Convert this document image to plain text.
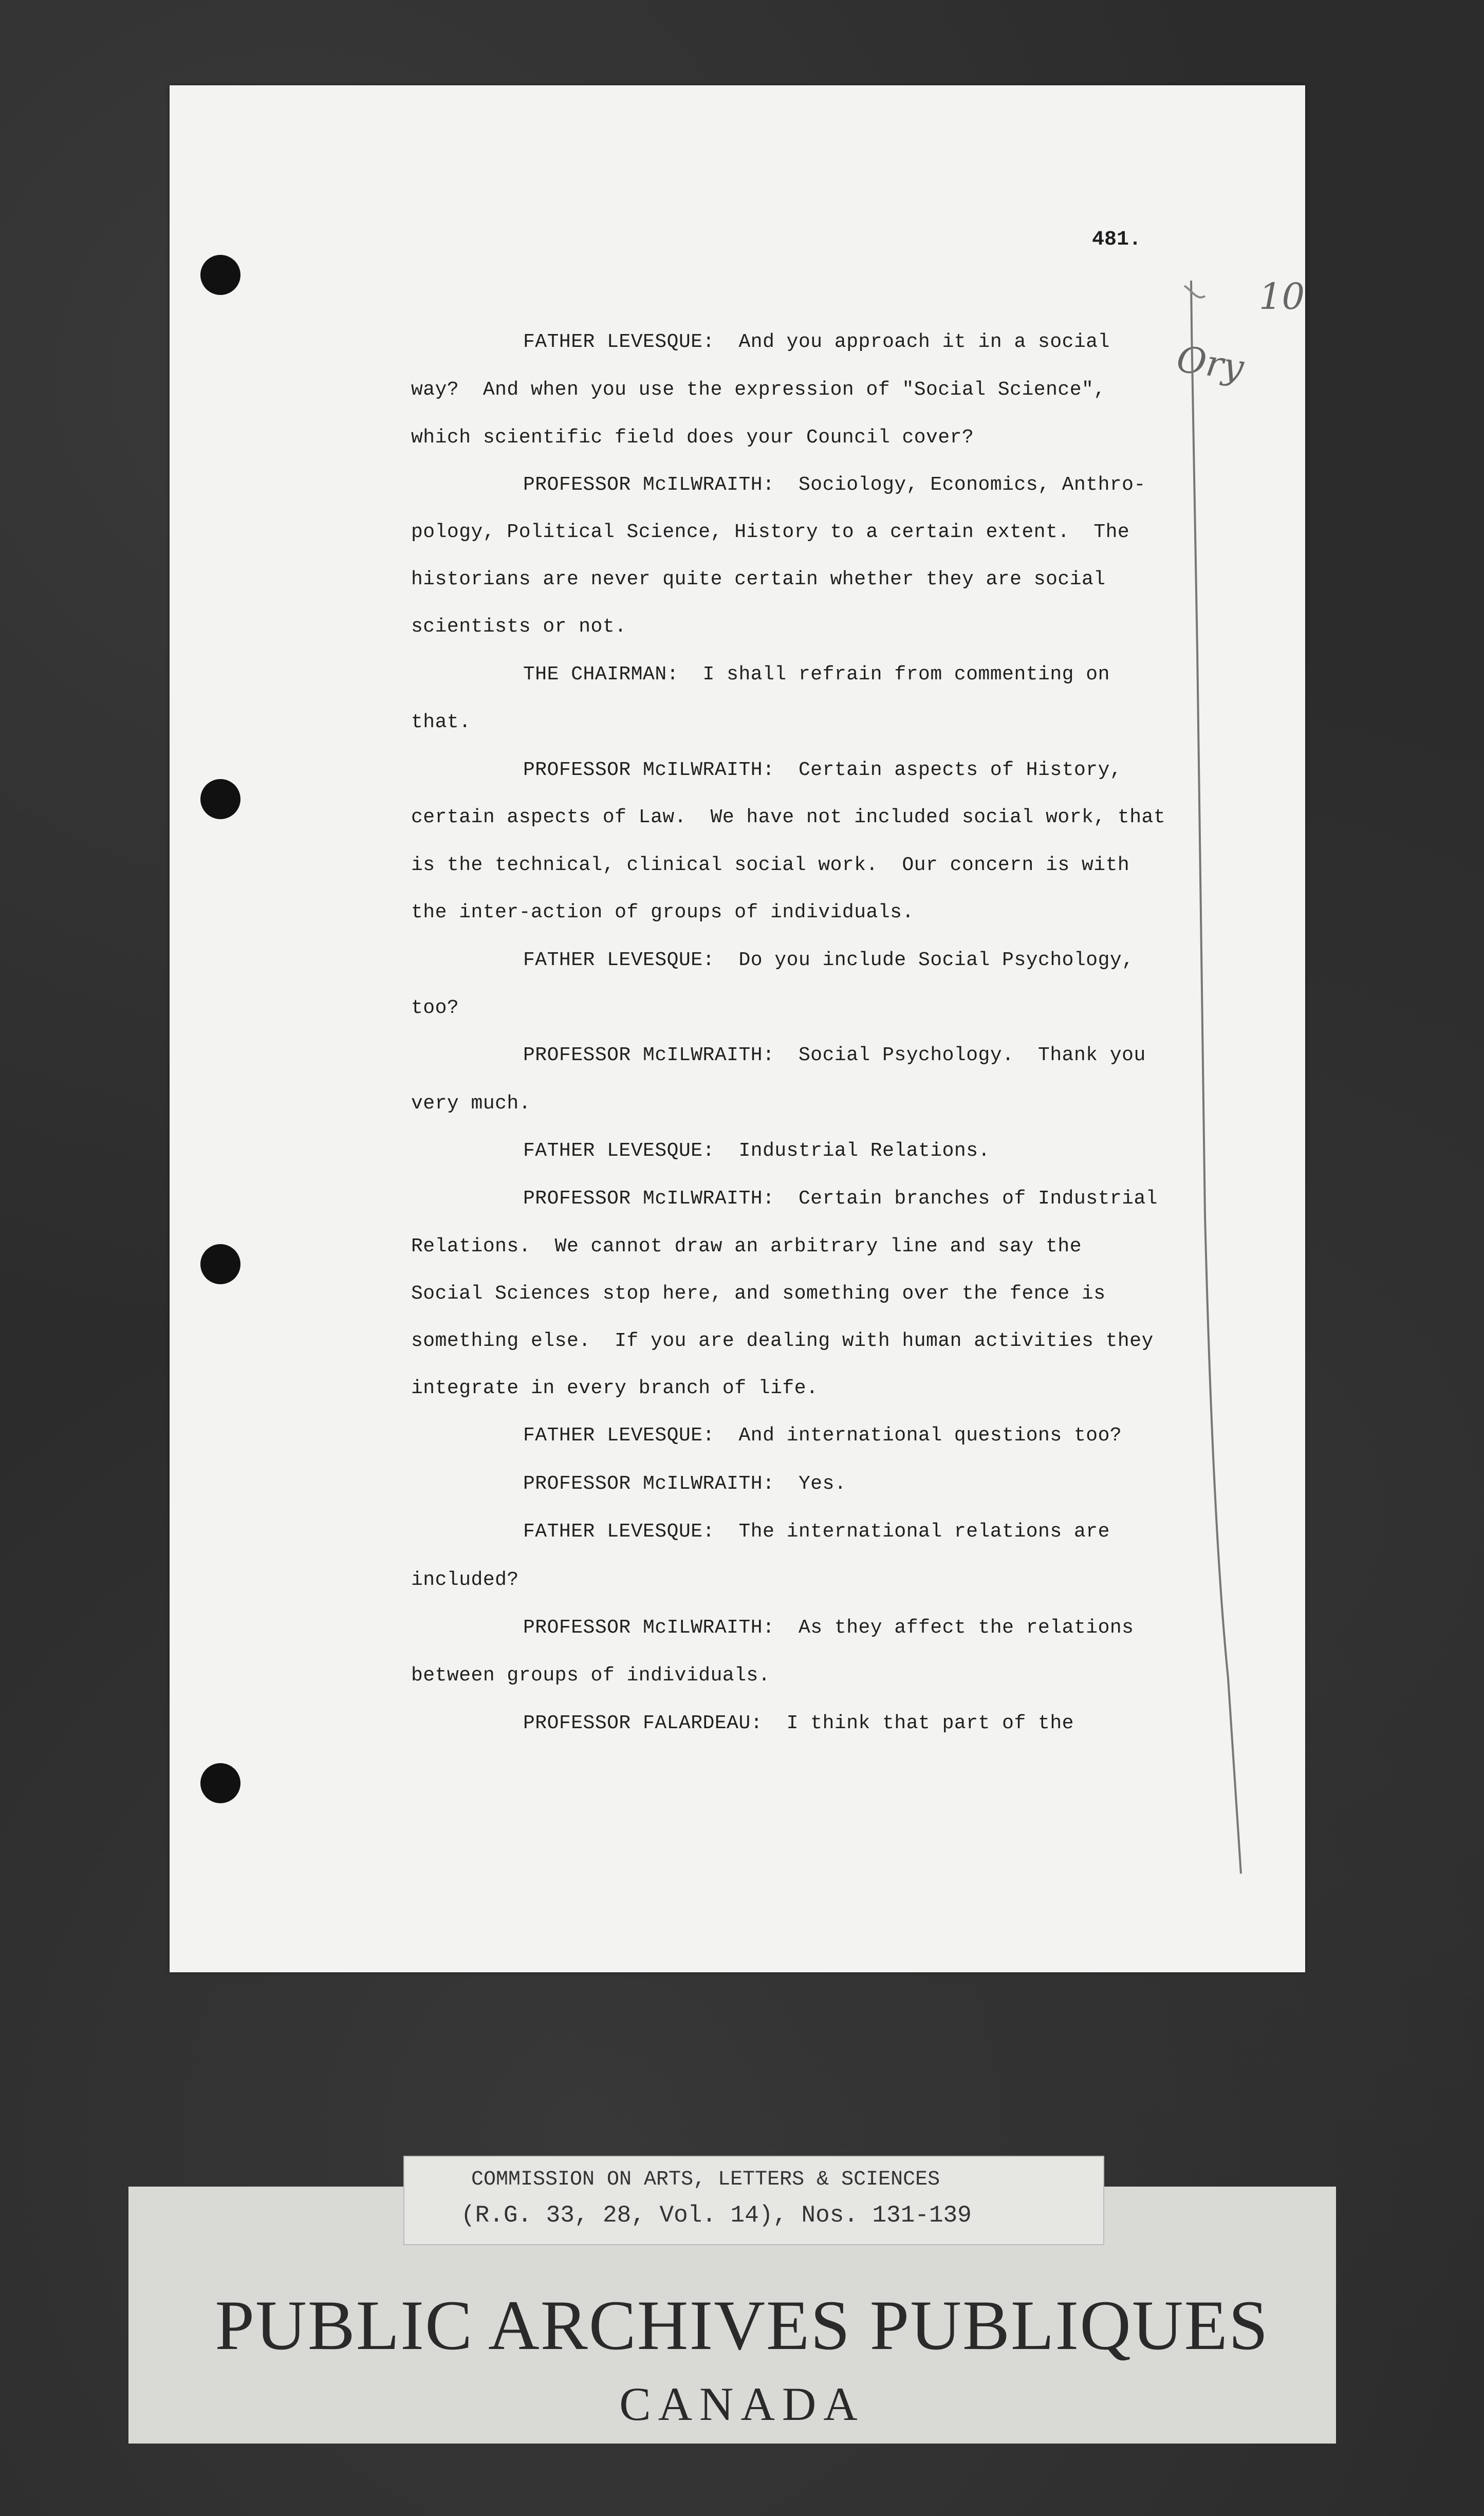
481.
10
Ory
FATHER LEVESQUE:  And you approach it in a social
way?  And when you use the expression of "Social Science",
which scientific field does your Council cover?
PROFESSOR McILWRAITH:  Sociology, Economics, Anthro-
pology, Political Science, History to a certain extent.  The
historians are never quite certain whether they are social
scientists or not.
THE CHAIRMAN:  I shall refrain from commenting on
that.
PROFESSOR McILWRAITH:  Certain aspects of History,
certain aspects of Law.  We have not included social work, that
is the technical, clinical social work.  Our concern is with
the inter-action of groups of individuals.
FATHER LEVESQUE:  Do you include Social Psychology,
too?
PROFESSOR McILWRAITH:  Social Psychology.  Thank you
very much.
FATHER LEVESQUE:  Industrial Relations.
PROFESSOR McILWRAITH:  Certain branches of Industrial
Relations.  We cannot draw an arbitrary line and say the
Social Sciences stop here, and something over the fence is
something else.  If you are dealing with human activities they
integrate in every branch of life.
FATHER LEVESQUE:  And international questions too?
PROFESSOR McILWRAITH:  Yes.
FATHER LEVESQUE:  The international relations are
included?
PROFESSOR McILWRAITH:  As they affect the relations
between groups of individuals.
PROFESSOR FALARDEAU:  I think that part of the
PUBLIC ARCHIVES PUBLIQUES
CANADA
COMMISSION ON ARTS, LETTERS & SCIENCES
(R.G. 33, 28, Vol. 14), Nos. 131-139
